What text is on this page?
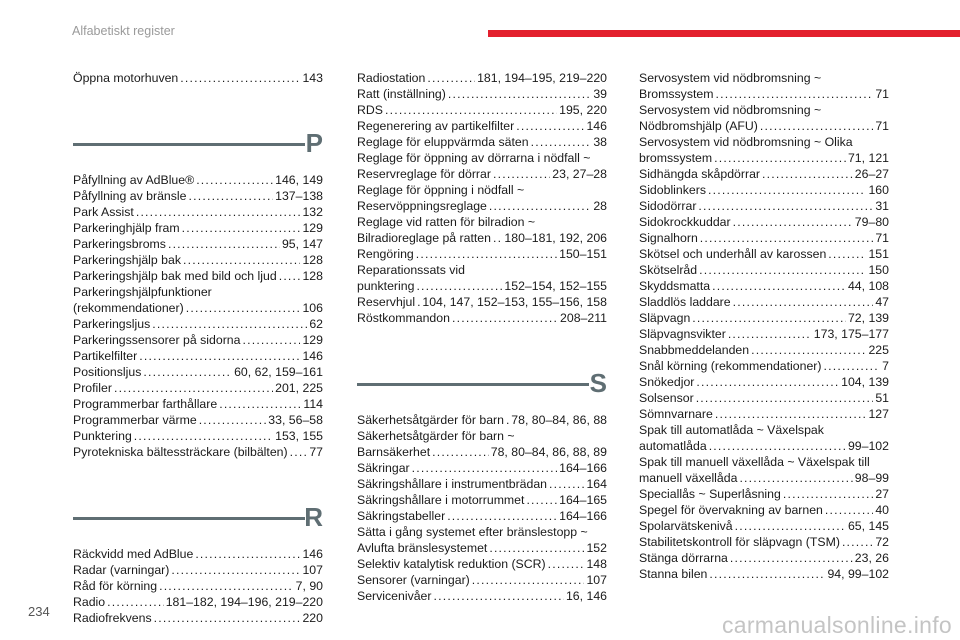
Alfabetiskt register
Öppna motorhuven .....	143
P
Påfyllning av AdBlue® .....	146, 149
Påfyllning av bränsle .....	137–138
Park Assist .....	132
Parkeringhjälp fram .....	129
Parkeringsbroms .....	95, 147
Parkeringshjälp bak .....	128
Parkeringshjälp bak med bild och ljud ..... 128
Parkeringshjälpfunktioner
(rekommendationer) .....	106
Parkeringsljus .....	62
Parkeringssensorer på sidorna .....	129
Partikelfilter .....	146
Positionsljus .....	60, 62, 159–161
Profiler .....	201, 225
Programmerbar farthållare .....	114
Programmerbar värme .....	33, 56–58
Punktering .....	153, 155
Pyrotekniska bältessträckare (bilbälten) ..... 77
R
Räckvidd med AdBlue .....	146
Radar (varningar) .....	107
Råd för körning .....	7, 90
Radio .....	181–182, 194–196, 219–220
Radiofrekvens .....	220
Radiostation .....	181, 194–195, 219–220
Ratt (inställning) .....	39
RDS .....	195, 220
Regenerering av partikelfilter .....	146
Reglage för eluppvärmda säten .....	38
Reglage för öppning av dörrarna i nödfall ~
Reservreglage för dörrar .....	23, 27–28
Reglage för öppning i nödfall ~
Reservöppningsreglage .....	28
Reglage vid ratten för bilradion ~
Bilradioreglage på ratten ..... 180–181, 192, 206
Rengöring .....	150–151
Reparationssats vid
punktering .....	152–154, 152–155
Reservhjul ..... 104, 147, 152–153, 155–156, 158
Röstkommandon .....	208–211
S
Säkerhetsåtgärder för barn ..... 78, 80–84, 86, 88
Säkerhetsåtgärder för barn ~
Barnsäkerhet .....	78, 80–84, 86, 88, 89
Säkringar .....	164–166
Säkringshållare i instrumentbrädan .....	164
Säkringshållare i motorrummet .....	164–165
Säkringstabeller .....	164–166
Sätta i gång systemet efter bränslestopp ~
Avlufta bränslesystemet .....	152
Selektiv katalytisk reduktion (SCR) .....	148
Sensorer (varningar) .....	107
Servicenivåer .....	16, 146
Servosystem vid nödbromsning ~
Bromssystem .....	71
Servosystem vid nödbromsning ~
Nödbromshjälp (AFU) .....	71
Servosystem vid nödbromsning ~ Olika
bromssystem .....	71, 121
Sidhängda skåpdörrar .....	26–27
Sidoblinkers .....	160
Sidodörrar .....	31
Sidokrockkuddar .....	79–80
Signalhorn .....	71
Skötsel och underhåll av karossen .....	151
Skötselråd .....	150
Skyddsmatta .....	44, 108
Sladdlös laddare .....	47
Släpvagn .....	72, 139
Släpvagnsvikter .....	173, 175–177
Snabbmeddelanden .....	225
Snål körning (rekommendationer) .....	7
Snökedjor .....	104, 139
Solsensor .....	51
Sömnvarnare .....	127
Spak till automatlåda ~ Växelspak
automatlåda .....	99–102
Spak till manuell växellåda ~ Växelspak till
manuell växellåda .....	98–99
Speciallås ~ Superlåsning .....	27
Spegel för övervakning av barnen .....	40
Spolarvätskenivå .....	65, 145
Stabilitetskontroll för släpvagn (TSM) .....	72
Stänga dörrarna .....	23, 26
Stanna bilen .....	94, 99–102
234
carmanualsonline.info
